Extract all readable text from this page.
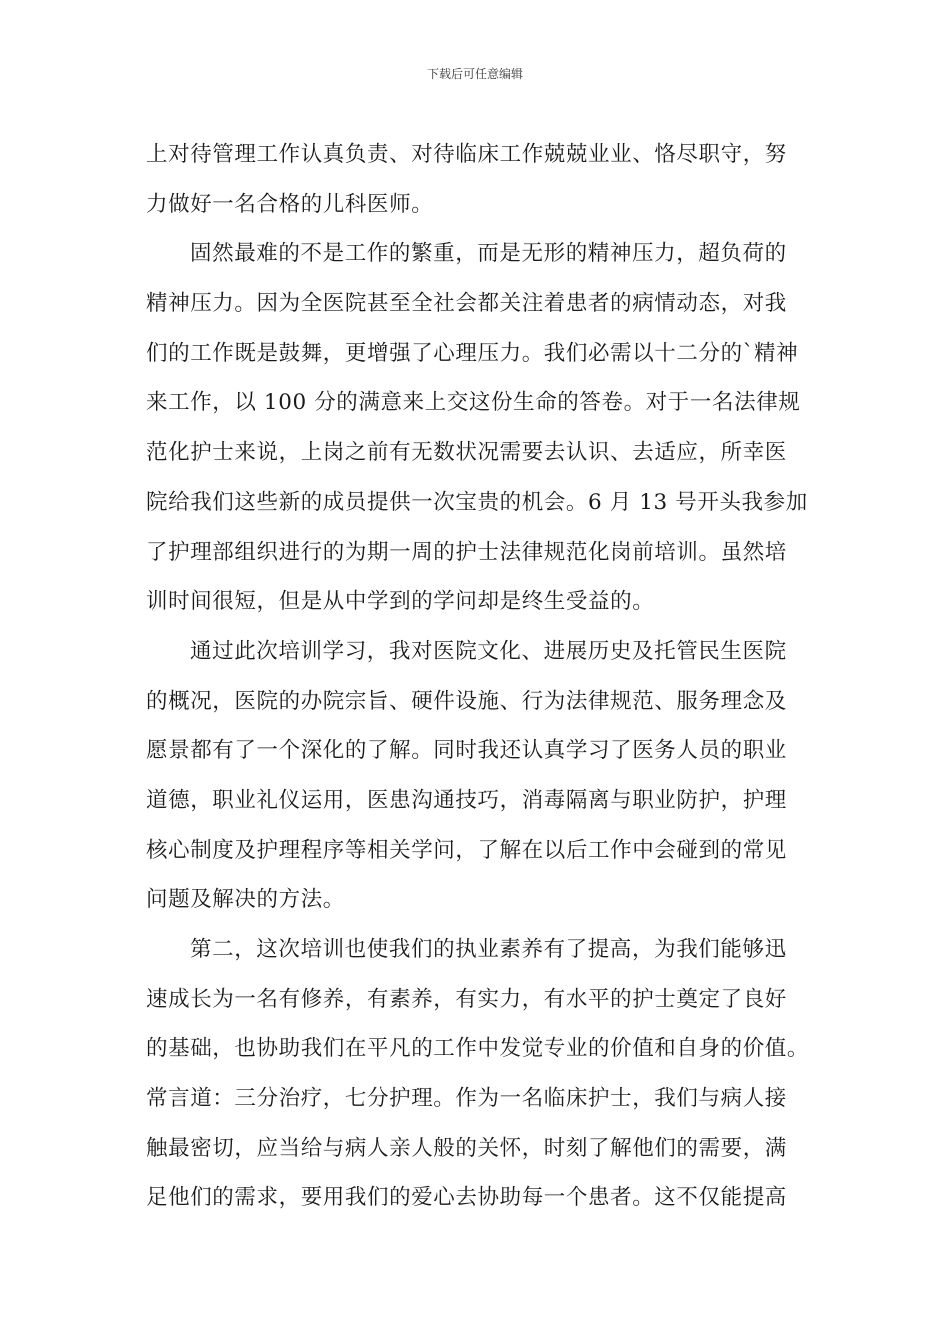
下载后可任意编辑
上对待管理工作认真负责、对待临床工作兢兢业业、恪尽职守，努
力做好一名合格的儿科医师。
固然最难的不是工作的繁重，而是无形的精神压力，超负荷的
精神压力。因为全医院甚至全社会都关注着患者的病情动态，对我
们的工作既是鼓舞，更增强了心理压力。我们必需以十二分的`精神
来工作，以 100 分的满意来上交这份生命的答卷。对于一名法律规
范化护士来说，上岗之前有无数状况需要去认识、去适应，所幸医
院给我们这些新的成员提供一次宝贵的机会。6 月 13 号开头我参加
了护理部组织进行的为期一周的护士法律规范化岗前培训。虽然培
训时间很短，但是从中学到的学问却是终生受益的。
通过此次培训学习，我对医院文化、进展历史及托管民生医院
的概况，医院的办院宗旨、硬件设施、行为法律规范、服务理念及
愿景都有了一个深化的了解。同时我还认真学习了医务人员的职业
道德，职业礼仪运用，医患沟通技巧，消毒隔离与职业防护，护理
核心制度及护理程序等相关学问，了解在以后工作中会碰到的常见
问题及解决的方法。
第二，这次培训也使我们的执业素养有了提高，为我们能够迅
速成长为一名有修养，有素养，有实力，有水平的护士奠定了良好
的基础，也协助我们在平凡的工作中发觉专业的价值和自身的价值。
常言道：三分治疗，七分护理。作为一名临床护士，我们与病人接
触最密切，应当给与病人亲人般的关怀，时刻了解他们的需要，满
足他们的需求，要用我们的爱心去协助每一个患者。这不仅能提高
